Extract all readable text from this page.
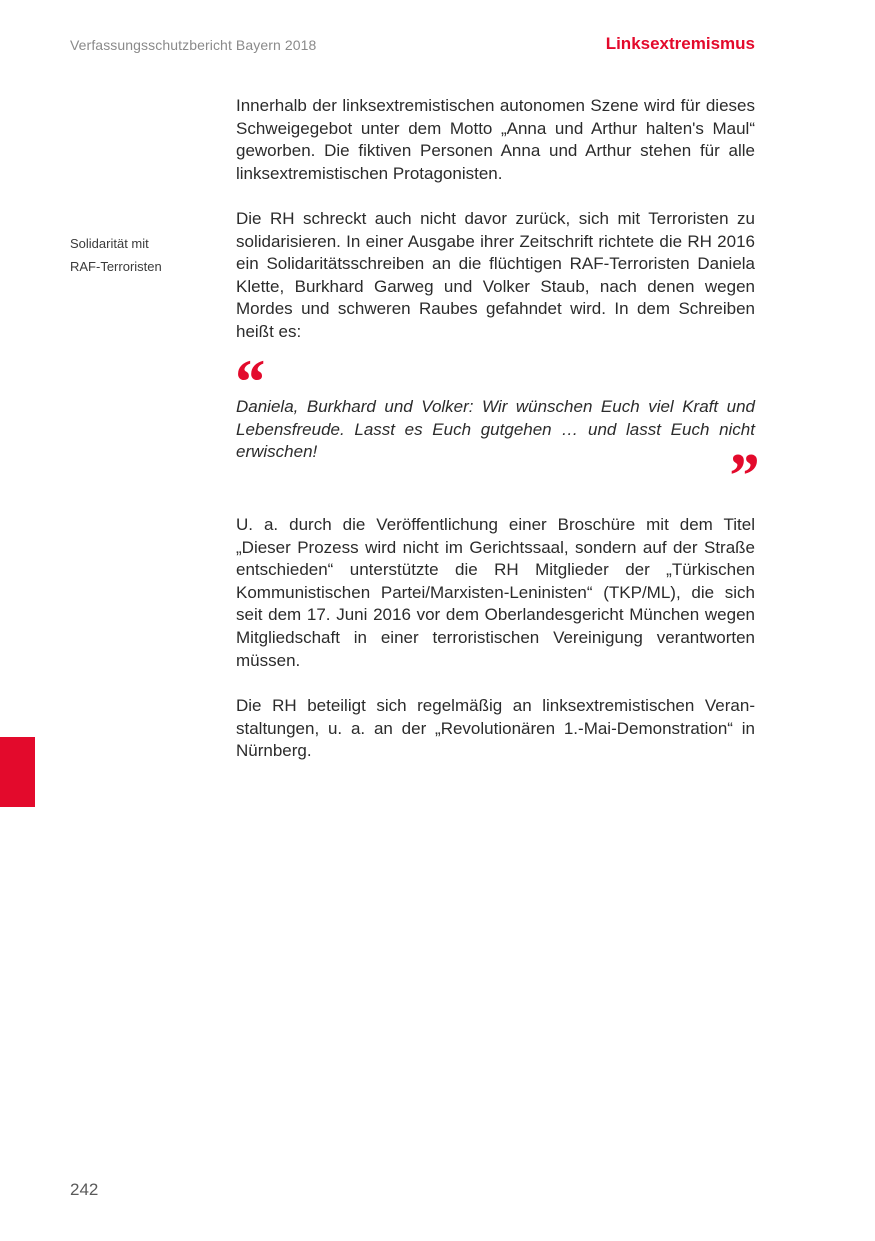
Verfassungsschutzbericht Bayern 2018	Linksextremismus
Solidarität mit
RAF-Terroristen

Innerhalb der linksextremistischen autonomen Szene wird für dieses Schweigegebot unter dem Motto „Anna und Arthur halten's Maul“ geworben. Die fiktiven Personen Anna und Arthur stehen für alle linksextremistischen Protagonisten.

Die RH schreckt auch nicht davor zurück, sich mit Terroristen zu solidarisieren. In einer Ausgabe ihrer Zeitschrift richtete die RH 2016 ein Solidaritätsschreiben an die flüchtigen RAF-Terroristen Daniela Klette, Burkhard Garweg und Volker Staub, nach denen wegen Mordes und schweren Raubes gefahndet wird. In dem Schreiben heißt es:

“

Daniela, Burkhard und Volker: Wir wünschen Euch viel Kraft und Lebensfreude. Lasst es Euch gutgehen … und lasst Euch nicht erwischen!	”

U. a. durch die Veröffentlichung einer Broschüre mit dem Titel „Dieser Prozess wird nicht im Gerichtssaal, sondern auf der Straße entschieden“ unterstützte die RH Mitglieder der „Türkischen Kommunistischen Partei/Marxisten-Leninisten“ (TKP/ML), die sich seit dem 17. Juni 2016 vor dem Oberlandesgericht München wegen Mitgliedschaft in einer terroristischen Vereinigung verantworten müssen.

Die RH beteiligt sich regelmäßig an linksextremistischen Veranstaltungen, u. a. an der „Revolutionären 1.-Mai-Demonstration“ in Nürnberg.

242
